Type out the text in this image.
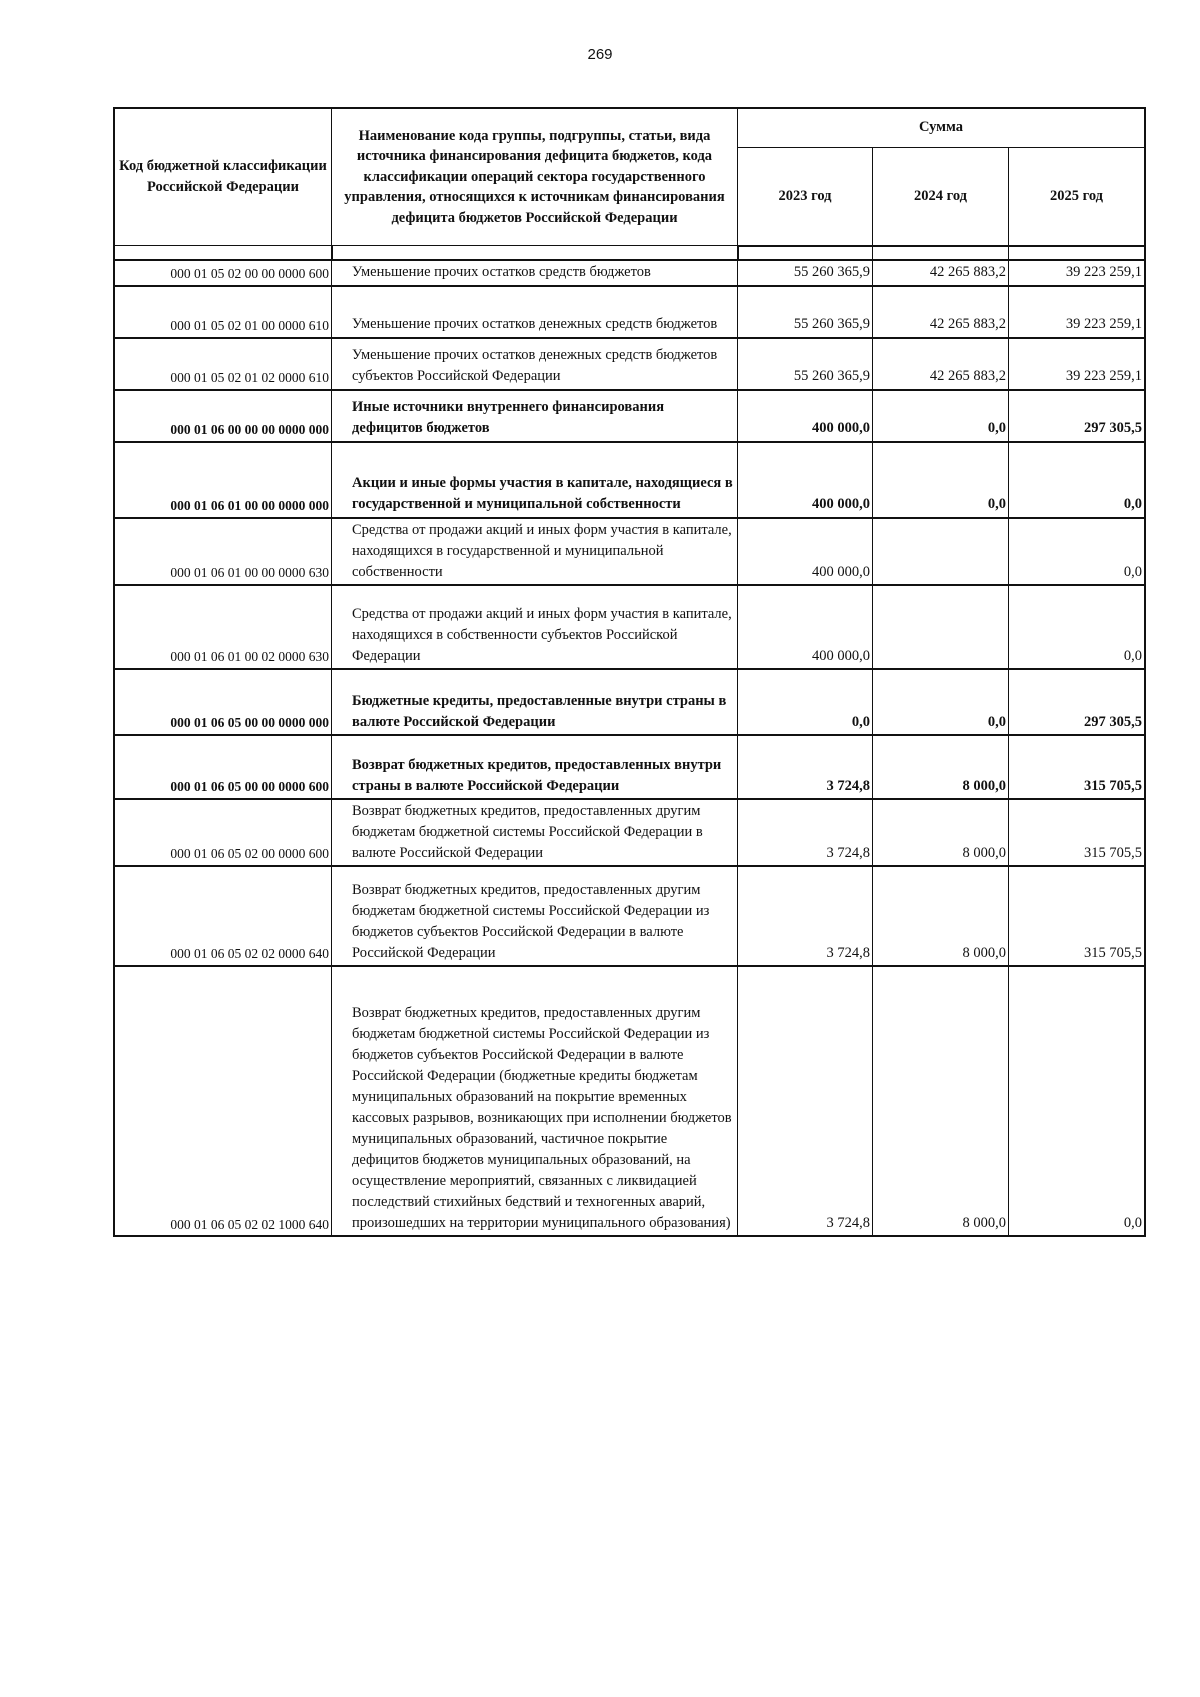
269
Код бюджетной классификации Российской Федерации	Наименование кода группы, подгруппы, статьи, вида источника финансирования дефицита бюджетов, кода классификации операций сектора государственного управления, относящихся к источникам финансирования дефицита бюджетов Российской Федерации	Сумма		
		2023 год	2024 год	2025 год

000 01 05 02 00 00 0000 600	Уменьшение прочих остатков средств бюджетов	55 260 365,9	42 265 883,2	39 223 259,1
000 01 05 02 01 00 0000 610	Уменьшение прочих остатков денежных средств бюджетов	55 260 365,9	42 265 883,2	39 223 259,1
000 01 05 02 01 02 0000 610	Уменьшение прочих остатков денежных средств бюджетов субъектов Российской Федерации	55 260 365,9	42 265 883,2	39 223 259,1
000 01 06 00 00 00 0000 000	Иные источники внутреннего финансирования дефицитов бюджетов	400 000,0	0,0	297 305,5
000 01 06 01 00 00 0000 000	Акции и иные формы участия в капитале, находящиеся в государственной и муниципальной собственности	400 000,0	0,0	0,0
000 01 06 01 00 00 0000 630	Средства от продажи акций и иных форм участия в капитале, находящихся в государственной и муниципальной собственности	400 000,0		0,0
000 01 06 01 00 02 0000 630	Средства от продажи акций и иных форм участия в капитале, находящихся в собственности субъектов Российской Федерации	400 000,0		0,0
000 01 06 05 00 00 0000 000	Бюджетные кредиты, предоставленные внутри страны в валюте Российской Федерации	0,0	0,0	297 305,5
000 01 06 05 00 00 0000 600	Возврат бюджетных кредитов, предоставленных внутри страны в валюте Российской Федерации	3 724,8	8 000,0	315 705,5
000 01 06 05 02 00 0000 600	Возврат бюджетных кредитов, предоставленных другим бюджетам бюджетной системы Российской Федерации в валюте Российской Федерации	3 724,8	8 000,0	315 705,5
000 01 06 05 02 02 0000 640	Возврат бюджетных кредитов, предоставленных другим бюджетам бюджетной системы Российской Федерации из бюджетов субъектов Российской Федерации в валюте Российской Федерации	3 724,8	8 000,0	315 705,5
000 01 06 05 02 02 1000 640	Возврат бюджетных кредитов, предоставленных другим бюджетам бюджетной системы Российской Федерации из бюджетов субъектов Российской Федерации в валюте Российской Федерации (бюджетные кредиты бюджетам муниципальных образований на покрытие временных кассовых разрывов, возникающих при исполнении бюджетов муниципальных образований, частичное покрытие дефицитов бюджетов муниципальных образований, на осуществление мероприятий, связанных с ликвидацией последствий стихийных бедствий и техногенных аварий, произошедших на территории муниципального образования)	3 724,8	8 000,0	0,0
